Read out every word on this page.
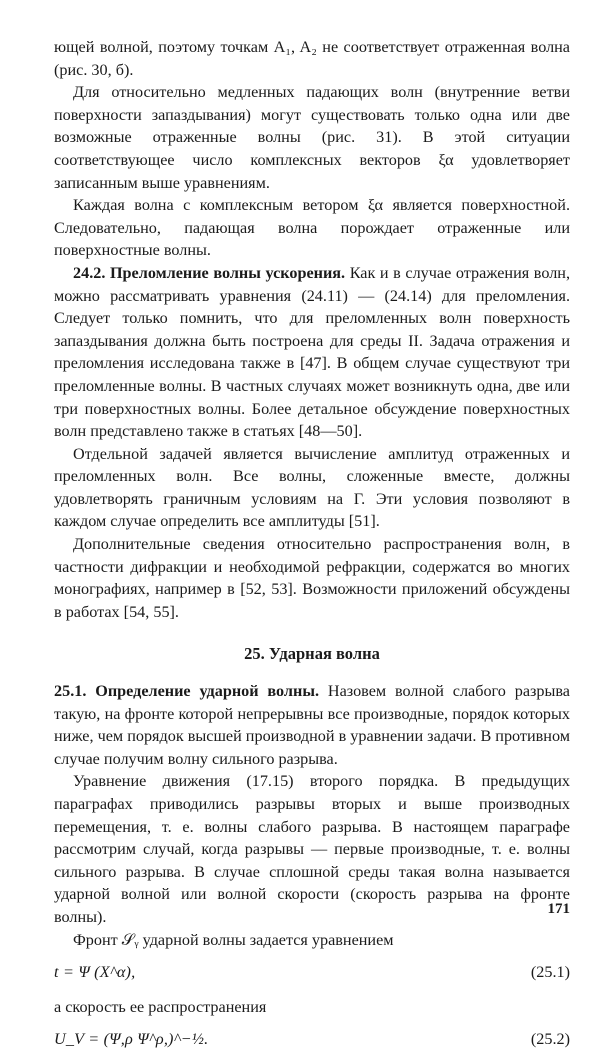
ющей волной, поэтому точкам A₁, A₂ не соответствует отраженная волна (рис. 30, б).

Для относительно медленных падающих волн (внутренние ветви поверхности запаздывания) могут существовать только одна или две возможные отраженные волны (рис. 31). В этой ситуации соответствующее число комплексных векторов ξα удовлетворяет записанным выше уравнениям.

Каждая волна с комплексным ветором ξα является поверхностной. Следовательно, падающая волна порождает отраженные или поверхностные волны.

24.2. Преломление волны ускорения. Как и в случае отражения волн, можно рассматривать уравнения (24.11) — (24.14) для преломления. Следует только помнить, что для преломленных волн поверхность запаздывания должна быть построена для среды II. Задача отражения и преломления исследована также в [47]. В общем случае существуют три преломленные волны. В частных случаях может возникнуть одна, две или три поверхностных волны. Более детальное обсуждение поверхностных волн представлено также в статьях [48—50].

Отдельной задачей является вычисление амплитуд отраженных и преломленных волн. Все волны, сложенные вместе, должны удовлетворять граничным условиям на Γ. Эти условия позволяют в каждом случае определить все амплитуды [51].

Дополнительные сведения относительно распространения волн, в частности дифракции и необходимой рефракции, содержатся во многих монографиях, например в [52, 53]. Возможности приложений обсуждены в работах [54, 55].

25. Ударная волна

25.1. Определение ударной волны. Назовем волной слабого разрыва такую, на фронте которой непрерывны все производные, порядок которых ниже, чем порядок высшей производной в уравнении задачи. В противном случае получим волну сильного разрыва.

Уравнение движения (17.15) второго порядка. В предыдущих параграфах приводились разрывы вторых и выше производных перемещения, т. е. волны слабого разрыва. В настоящем параграфе рассмотрим случай, когда разрывы — первые производные, т. е. волны сильного разрыва. В случае сплошной среды такая волна называется ударной волной или волной скорости (скорость разрыва на фронте волны).

Фронт 𝒮ᵧ ударной волны задается уравнением

t = Ψ (X^α),	(25.1)

а скорость ее распространения

U_V = (Ψ,ρ Ψ^ρ,)^−½.	(25.2)
171
